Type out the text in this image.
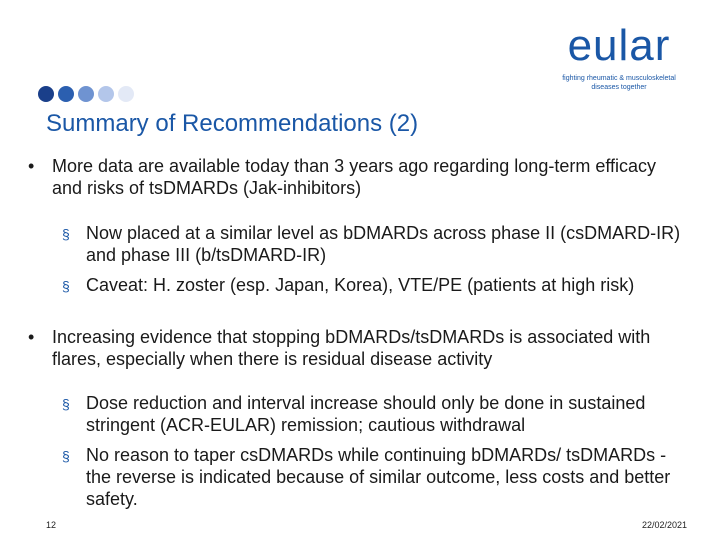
eular
fighting rheumatic & musculoskeletal
diseases together
Summary of Recommendations (2)
• More data are available today than 3 years ago regarding long-term efficacy and risks of tsDMARDs (Jak-inhibitors)
§ Now placed at a similar level as bDMARDs across phase II (csDMARD-IR) and phase III (b/tsDMARD-IR)
§ Caveat: H. zoster (esp. Japan, Korea), VTE/PE (patients at high risk)
• Increasing evidence that stopping bDMARDs/tsDMARDs is associated with flares, especially when there is residual disease activity
§ Dose reduction and interval increase should only be done in sustained stringent (ACR-EULAR) remission; cautious withdrawal
§ No reason to taper csDMARDs while continuing bDMARDs/ tsDMARDs - the reverse is indicated because of similar outcome, less costs and better safety.
12	22/02/2021
